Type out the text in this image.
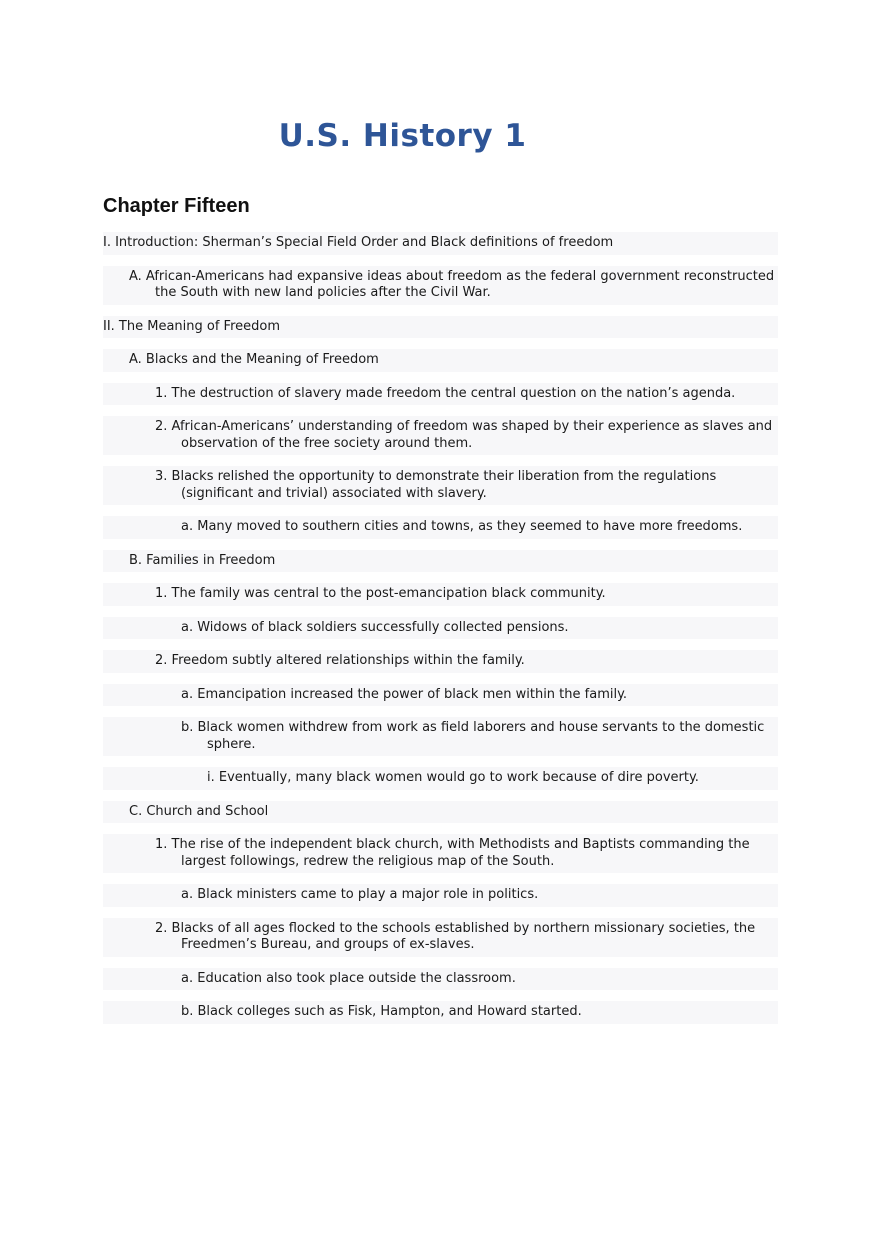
U.S. History 1
Chapter Fifteen

I. Introduction: Sherman’s Special Field Order and Black definitions of freedom

A. African-Americans had expansive ideas about freedom as the federal government reconstructed the South with new land policies after the Civil War.

II. The Meaning of Freedom

A. Blacks and the Meaning of Freedom

1. The destruction of slavery made freedom the central question on the nation’s agenda.

2. African-Americans’ understanding of freedom was shaped by their experience as slaves and observation of the free society around them.

3. Blacks relished the opportunity to demonstrate their liberation from the regulations (significant and trivial) associated with slavery.

a. Many moved to southern cities and towns, as they seemed to have more freedoms.

B. Families in Freedom

1. The family was central to the post-emancipation black community.

a. Widows of black soldiers successfully collected pensions.

2. Freedom subtly altered relationships within the family.

a. Emancipation increased the power of black men within the family.

b. Black women withdrew from work as field laborers and house servants to the domestic sphere.

i. Eventually, many black women would go to work because of dire poverty.

C. Church and School

1. The rise of the independent black church, with Methodists and Baptists commanding the largest followings, redrew the religious map of the South.

a. Black ministers came to play a major role in politics.

2. Blacks of all ages flocked to the schools established by northern missionary societies, the Freedmen’s Bureau, and groups of ex-slaves.

a. Education also took place outside the classroom.

b. Black colleges such as Fisk, Hampton, and Howard started.
